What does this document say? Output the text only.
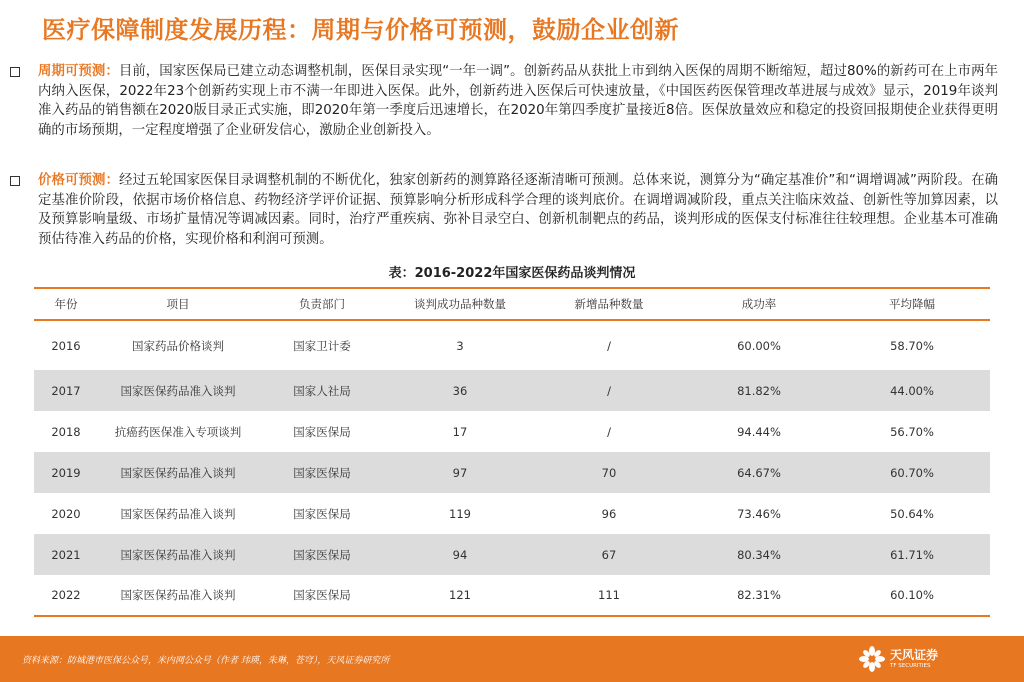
医疗保障制度发展历程：周期与价格可预测，鼓励企业创新
周期可预测：目前，国家医保局已建立动态调整机制，医保目录实现“一年一调”。创新药品从获批上市到纳入医保的周期不断缩短，超过80%的新药可在上市两年内纳入医保，2022年23个创新药实现上市不满一年即进入医保。此外，创新药进入医保后可快速放量，《中国医药医保管理改革进展与成效》显示，2019年谈判准入药品的销售额在2020版目录正式实施，即2020年第一季度后迅速增长，在2020年第四季度扩量接近8倍。医保放量效应和稳定的投资回报期使企业获得更明确的市场预期，一定程度增强了企业研发信心，激励企业创新投入。
价格可预测：经过五轮国家医保目录调整机制的不断优化，独家创新药的测算路径逐渐清晰可预测。总体来说，测算分为“确定基准价”和“调增调减”两阶段。在确定基准价阶段，依据市场价格信息、药物经济学评价证据、预算影响分析形成科学合理的谈判底价。在调增调减阶段，重点关注临床效益、创新性等加算因素，以及预算影响量级、市场扩量情况等调减因素。同时，治疗严重疾病、弥补目录空白、创新机制靶点的药品，谈判形成的医保支付标准往往较理想。企业基本可准确预估待准入药品的价格，实现价格和利润可预测。
表：2016-2022年国家医保药品谈判情况
年份	项目	负责部门	谈判成功品种数量	新增品种数量	成功率	平均降幅
2016	国家药品价格谈判	国家卫计委	3	/	60.00%	58.70%
2017	国家医保药品准入谈判	国家人社局	36	/	81.82%	44.00%
2018	抗癌药医保准入专项谈判	国家医保局	17	/	94.44%	56.70%
2019	国家医保药品准入谈判	国家医保局	97	70	64.67%	60.70%
2020	国家医保药品准入谈判	国家医保局	119	96	73.46%	50.64%
2021	国家医保药品准入谈判	国家医保局	94	67	80.34%	61.71%
2022	国家医保药品准入谈判	国家医保局	121	111	82.31%	60.10%
资料来源：防城港市医保公众号，米内网公众号（作者 玮瑛，朱琳，苍穹），天风证券研究所	天风证券
TF SECURITIES
